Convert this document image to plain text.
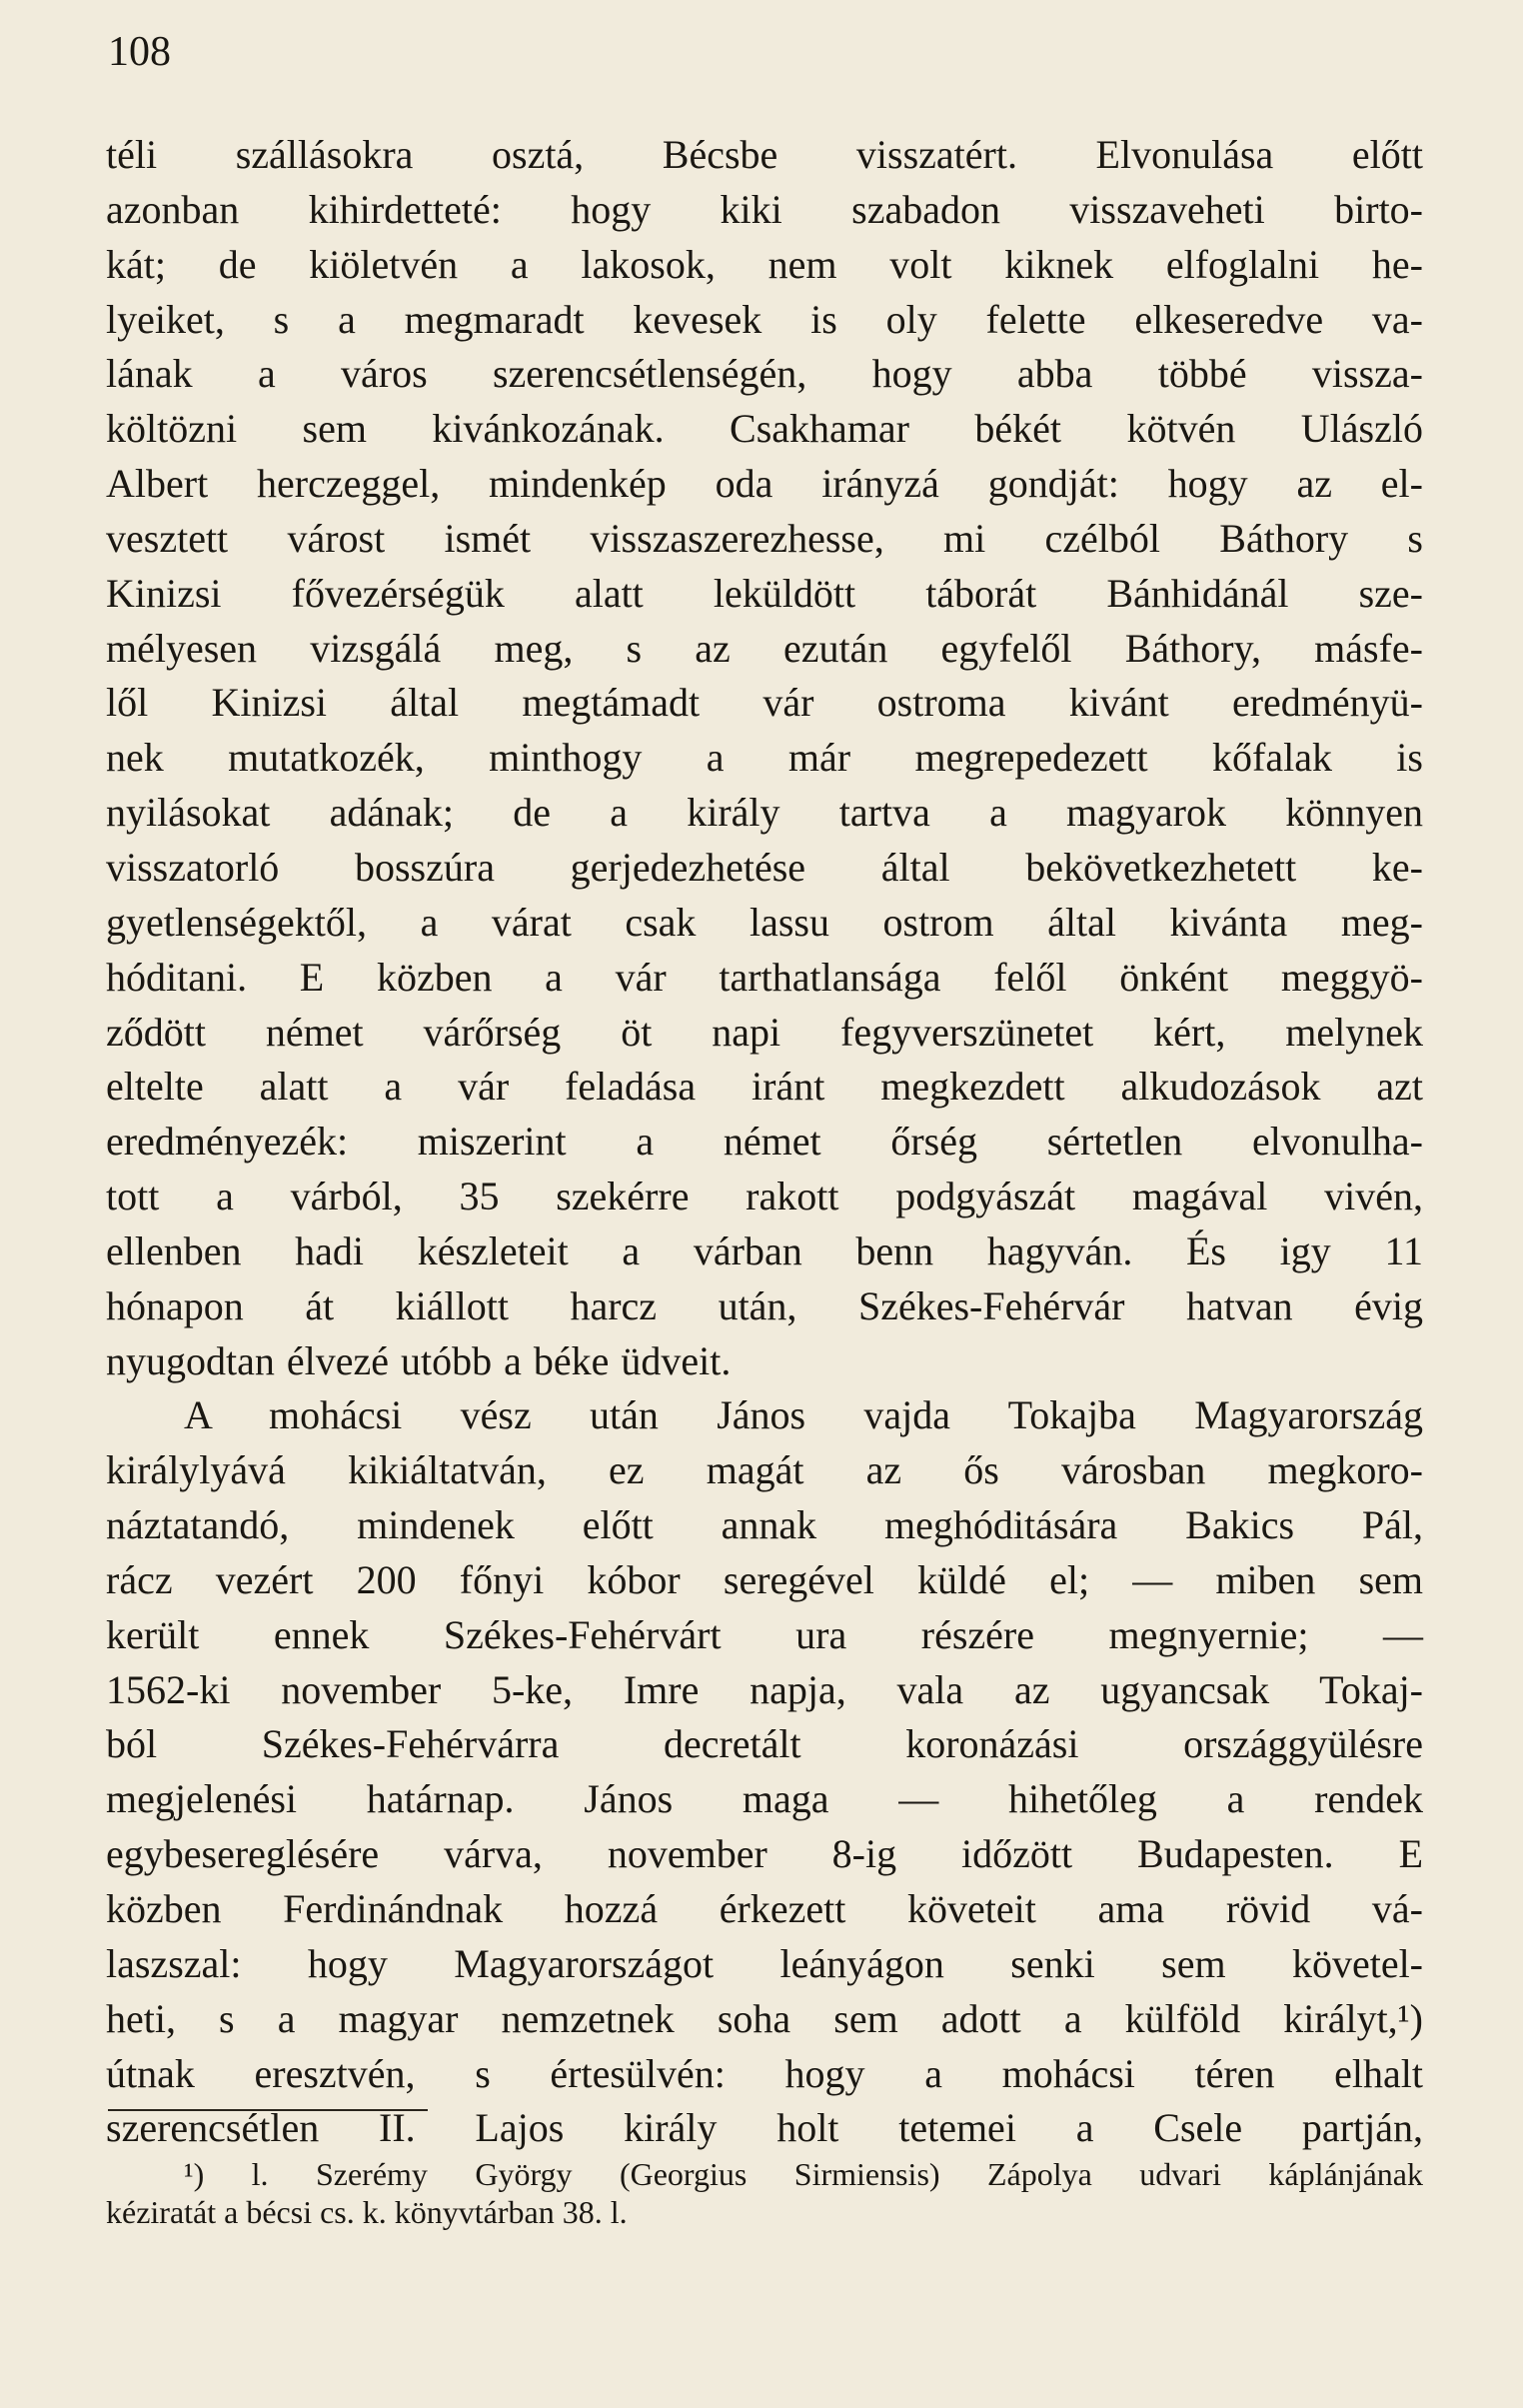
108
téli szállásokra osztá, Bécsbe visszatért. Elvonulása előtt
azonban kihirdetteté: hogy kiki szabadon visszaveheti birto-
kát; de kiöletvén a lakosok, nem volt kiknek elfoglalni he-
lyeiket, s a megmaradt kevesek is oly felette elkeseredve va-
lának a város szerencsétlenségén, hogy abba többé vissza-
költözni sem kivánkozának. Csakhamar békét kötvén Ulászló
Albert herczeggel, mindenkép oda irányzá gondját: hogy az el-
vesztett várost ismét visszaszerezhesse, mi czélból Báthory s
Kinizsi fővezérségük alatt leküldött táborát Bánhidánál sze-
mélyesen vizsgálá meg, s az ezután egyfelől Báthory, másfe-
lől Kinizsi által megtámadt vár ostroma kivánt eredményü-
nek mutatkozék, minthogy a már megrepedezett kőfalak is
nyilásokat adának; de a király tartva a magyarok könnyen
visszatorló bosszúra gerjedezhetése által bekövetkezhetett ke-
gyetlenségektől, a várat csak lassu ostrom által kivánta meg-
hóditani. E közben a vár tarthatlansága felől önként meggyö-
ződött német várőrség öt napi fegyverszünetet kért, melynek
eltelte alatt a vár feladása iránt megkezdett alkudozások azt
eredményezék: miszerint a német őrség sértetlen elvonulha-
tott a várból, 35 szekérre rakott podgyászát magával vivén,
ellenben hadi készleteit a várban benn hagyván. És igy 11
hónapon át kiállott harcz után, Székes-Fehérvár hatvan évig
nyugodtan élvezé utóbb a béke üdveit.
A mohácsi vész után János vajda Tokajba Magyarország
királylyává kikiáltatván, ez magát az ős városban megkoro-
náztatandó, mindenek előtt annak meghóditására Bakics Pál,
rácz vezért 200 főnyi kóbor seregével küldé el; — miben sem
került ennek Székes-Fehérvárt ura részére megnyernie; —
1562-ki november 5-ke, Imre napja, vala az ugyancsak Tokaj-
ból Székes-Fehérvárra decretált koronázási országgyülésre
megjelenési határnap. János maga — hihetőleg a rendek
egybesereglésére várva, november 8-ig időzött Budapesten. E
közben Ferdinándnak hozzá érkezett követeit ama rövid vá-
laszszal: hogy Magyarországot leányágon senki sem követel-
heti, s a magyar nemzetnek soha sem adott a külföld királyt,¹)
útnak eresztvén, s értesülvén: hogy a mohácsi téren elhalt
szerencsétlen II. Lajos király holt tetemei a Csele partján,
¹) l. Szerémy György (Georgius Sirmiensis) Zápolya udvari káplánjának
kéziratát a bécsi cs. k. könyvtárban 38. l.
